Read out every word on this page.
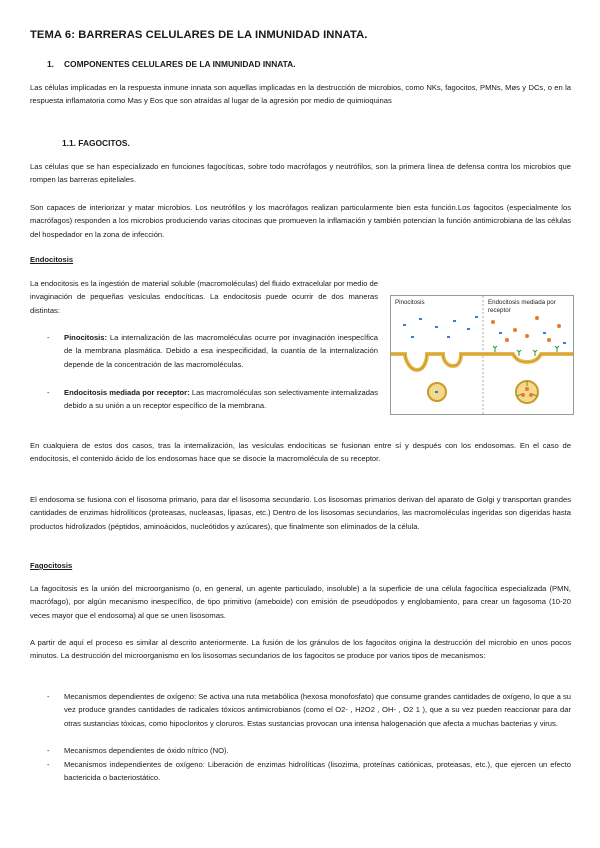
TEMA 6: BARRERAS CELULARES DE LA INMUNIDAD INNATA.
1. COMPONENTES CELULARES DE LA INMUNIDAD INNATA.
Las células implicadas en la respuesta inmune innata son aquellas implicadas en la destrucción de microbios, como NKs, fagocitos, PMNs, Møs y DCs, o en la respuesta inflamatoria como Mas y Eos que son atraídas al lugar de la agresión por medio de quimioquinas
1.1. FAGOCITOS.
Las células que se han especializado en funciones fagocíticas, sobre todo macrófagos y neutrófilos, son la primera línea de defensa contra los microbios que rompen las barreras epiteliales.
Son capaces de interiorizar y matar microbios. Los neutrófilos y los macrófagos realizan particularmente bien esta función.Los fagocitos (especialmente los macrófagos) responden a los microbios produciendo varias citocinas que promueven la inflamación y también potencian la función antimicrobiana de las células del hospedador en la zona de infección.
Endocitosis
La endocitosis es la ingestión de material soluble (macromoléculas) del fluido extracelular por medio de invaginación de pequeñas vesículas endocíticas. La endocitosis puede ocurrir de dos maneras distintas:
- Pinocitosis: La internalización de las macromoléculas ocurre por invaginación inespecífica de la membrana plasmática. Debido a esa inespecificidad, la cuantía de la internalización depende de la concentración de las macromoléculas.
- Endocitosis mediada por receptor: Las macromoléculas son selectivamente internalizadas debido a su unión a un receptor específico de la membrana.
Pinocitosis	Endocitosis mediada por receptor
En cualquiera de estos dos casos, tras la internalización, las vesículas endocíticas se fusionan entre sí y después con los endosomas. En el caso de endocitosis, el contenido ácido de los endosomas hace que se disocie la macromolécula de su receptor.
El endosoma se fusiona con el lisosoma primario, para dar el lisosoma secundario. Los lisosomas primarios derivan del aparato de Golgi y transportan grandes cantidades de enzimas hidrolíticos (proteasas, nucleasas, lipasas, etc.) Dentro de los lisosomas secundarios, las macromoléculas ingeridas son digeridas hasta productos hidrolizados (péptidos, aminoácidos, nucleótidos y azúcares), que finalmente son eliminados de la célula.
Fagocitosis
La fagocitosis es la unión del microorganismo (o, en general, un agente particulado, insoluble) a la superficie de una célula fagocítica especializada (PMN, macrófago), por algún mecanismo inespecífico, de tipo primitivo (ameboide) con emisión de pseudópodos y englobamiento, para crear un fagosoma (10-20 veces mayor que el endosoma) al que se unen lisosomas.
A partir de aquí el proceso es similar al descrito anteriormente. La fusión de los gránulos de los fagocitos origina la destrucción del microbio en unos pocos minutos. La destrucción del microorganismo en los lisosomas secundarios de los fagocitos se produce por varios tipos de mecanismos:
- Mecanismos dependientes de oxígeno: Se activa una ruta metabólica (hexosa monofosfato) que consume grandes cantidades de oxígeno, lo que a su vez produce grandes cantidades de radicales tóxicos antimicrobianos (como el O2- , H2O2 , OH- , O2 1 ), que a su vez pueden reaccionar para dar otras sustancias tóxicas, como hipocloritos y cloruros. Estas sustancias provocan una intensa halogenación que afecta a muchas bacterias y virus.
- Mecanismos dependientes de óxido nítrico (NO).
- Mecanismos independientes de oxígeno: Liberación de enzimas hidrolíticas (lisozima, proteínas catiónicas, proteasas, etc.), que ejercen un efecto bactericida o bacteriostático.
